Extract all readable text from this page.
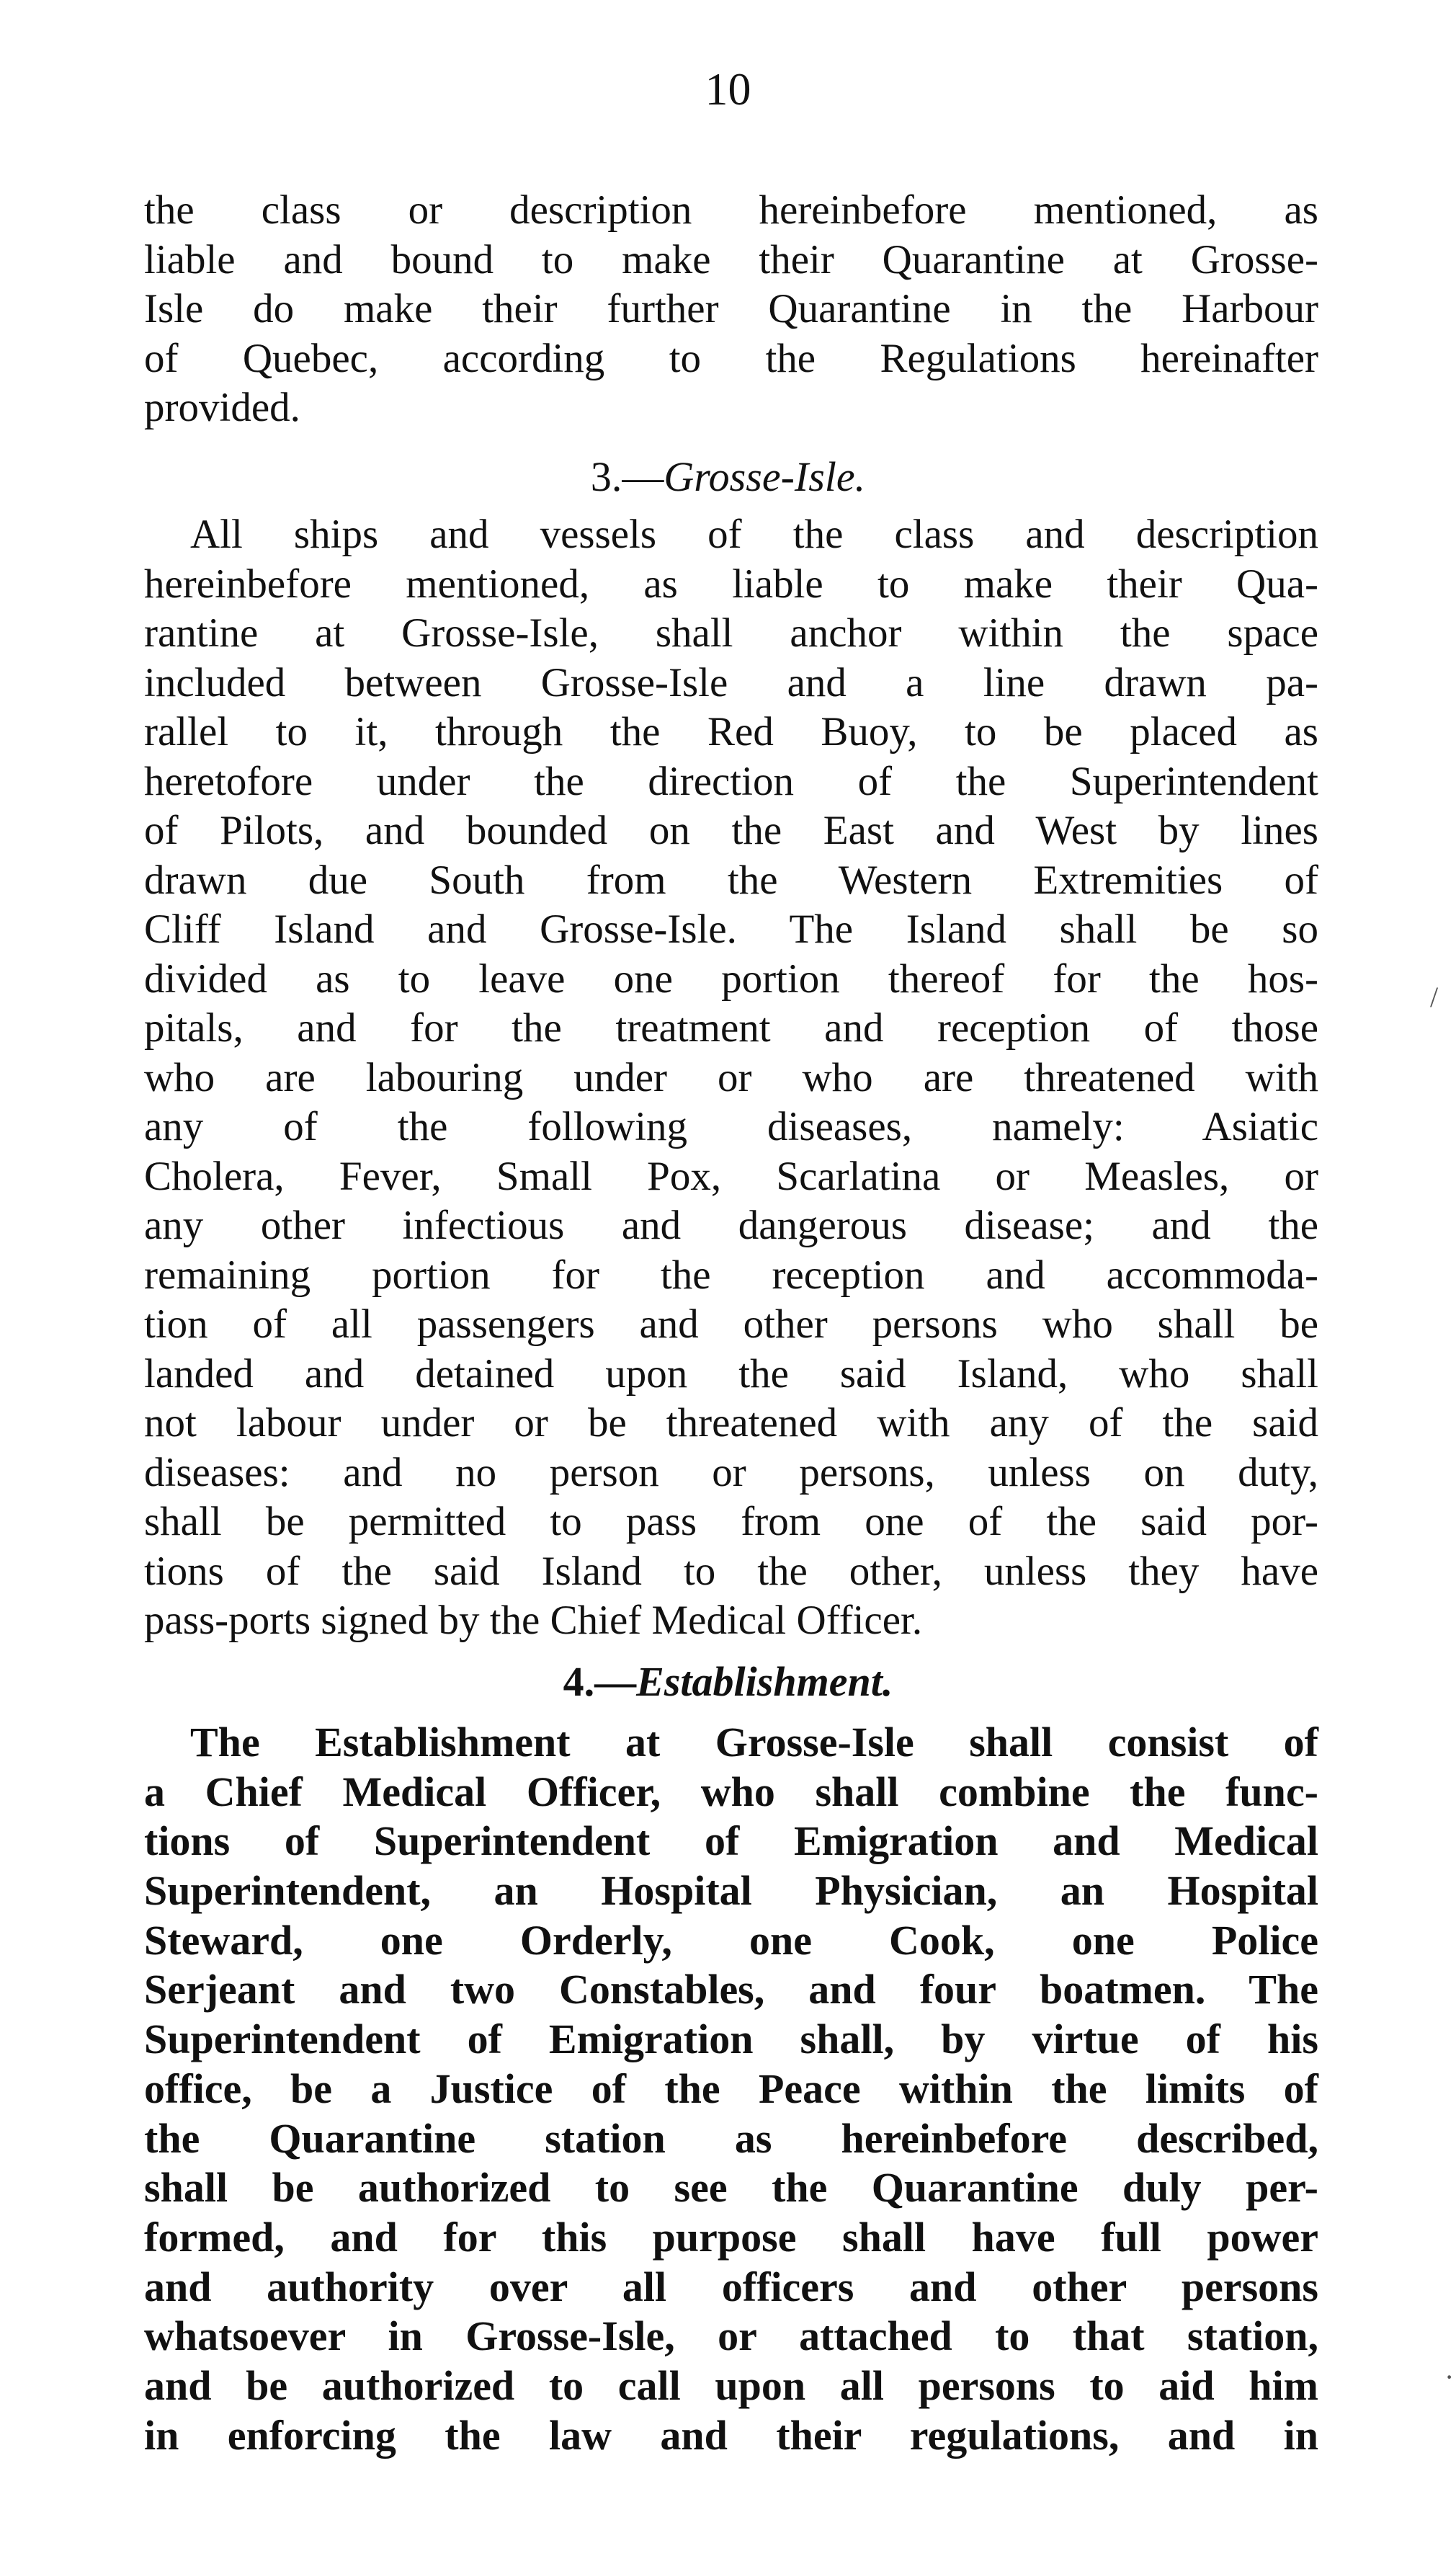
10
the class or description hereinbefore mentioned, as
liable and bound to make their Quarantine at Grosse-
Isle do make their further Quarantine in the Harbour
of Quebec, according to the Regulations hereinafter
provided.
3.—Grosse-Isle.
All ships and vessels of the class and description
hereinbefore mentioned, as liable to make their Qua-
rantine at Grosse-Isle, shall anchor within the space
included between Grosse-Isle and a line drawn pa-
rallel to it, through the Red Buoy, to be placed as
heretofore under the direction of the Superintendent
of Pilots, and bounded on the East and West by lines
drawn due South from the Western Extremities of
Cliff Island and Grosse-Isle. The Island shall be so
divided as to leave one portion thereof for the hos-
pitals, and for the treatment and reception of those
who are labouring under or who are threatened with
any of the following diseases, namely: Asiatic
Cholera, Fever, Small Pox, Scarlatina or Measles, or
any other infectious and dangerous disease; and the
remaining portion for the reception and accommoda-
tion of all passengers and other persons who shall be
landed and detained upon the said Island, who shall
not labour under or be threatened with any of the said
diseases: and no person or persons, unless on duty,
shall be permitted to pass from one of the said por-
tions of the said Island to the other, unless they have
pass-ports signed by the Chief Medical Officer.
4.—Establishment.
The Establishment at Grosse-Isle shall consist of
a Chief Medical Officer, who shall combine the func-
tions of Superintendent of Emigration and Medical
Superintendent, an Hospital Physician, an Hospital
Steward, one Orderly, one Cook, one Police
Serjeant and two Constables, and four boatmen. The
Superintendent of Emigration shall, by virtue of his
office, be a Justice of the Peace within the limits of
the Quarantine station as hereinbefore described,
shall be authorized to see the Quarantine duly per-
formed, and for this purpose shall have full power
and authority over all officers and other persons
whatsoever in Grosse-Isle, or attached to that station,
and be authorized to call upon all persons to aid him
in enforcing the law and their regulations, and in
/
·
